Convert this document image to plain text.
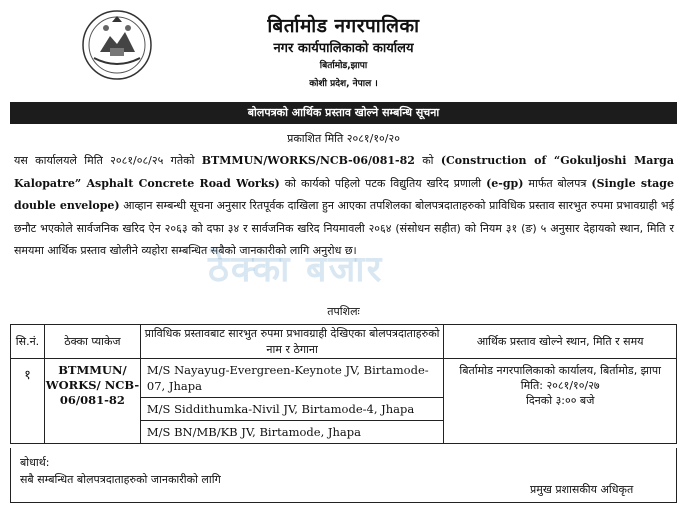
बिर्तामोड नगरपालिका
नगर कार्यपालिकाको कार्यालय
बिर्तामोड,झापा
कोशी प्रदेश, नेपाल ।
बोलपत्रको आर्थिक प्रस्ताव खोल्ने सम्बन्धि सूचना
प्रकाशित मिति २०८१/१०/२०
यस कार्यालयले मिति २०८१/०८/२५ गतेको BTMMUN/WORKS/NCB-06/081-82 को (Construction of “Gokuljoshi Marga Kalopatre” Asphalt Concrete Road Works) को कार्यको पहिलो पटक विद्युतिय खरिद प्रणाली (e-gp) मार्फत बोलपत्र (Single stage double envelope) आव्हान सम्बन्धी सूचना अनुसार रितपूर्वक दाखिला हुन आएका तपशिलका बोलपत्रदाताहरुको प्राविधिक प्रस्ताव सारभुत रुपमा प्रभावग्राही भई छनौट भएकोले सार्वजनिक खरिद ऐन २०६३ को दफा ३४ र सार्वजनिक खरिद नियमावली २०६४ (संसोधन सहीत) को नियम ३१ (ङ) ५ अनुसार देहायको स्थान, मिति र समयमा आर्थिक प्रस्ताव खोलीने व्यहोरा सम्बन्धित सबैको जानकारीको लागि अनुरोध छ।
ठेक्का बजार
तपशिलः
सि.नं.	ठेक्का प्याकेज	प्राविधिक प्रस्तावबाट सारभुत रुपमा प्रभावग्राही देखिएका बोलपत्रदाताहरुको नाम र ठेगाना	आर्थिक प्रस्ताव खोल्ने स्थान, मिति र समय
१	BTMMUN/ WORKS/ NCB- 06/081-82	M/S Nayayug-Evergreen-Keynote JV, Birtamode-07, Jhapa	बिर्तामोड नगरपालिकाको कार्यालय, बिर्तामोड, झापा
मिति: २०८१/१०/२७
दिनको ३:०० बजे

		M/S Siddithumka-Nivil JV, Birtamode-4, Jhapa	
		M/S BN/MB/KB JV, Birtamode, Jhapa	
बोधार्थ:
सबै सम्बन्धित बोलपत्रदाताहरुको जानकारीको लागि
प्रमुख प्रशासकीय अधिकृत
